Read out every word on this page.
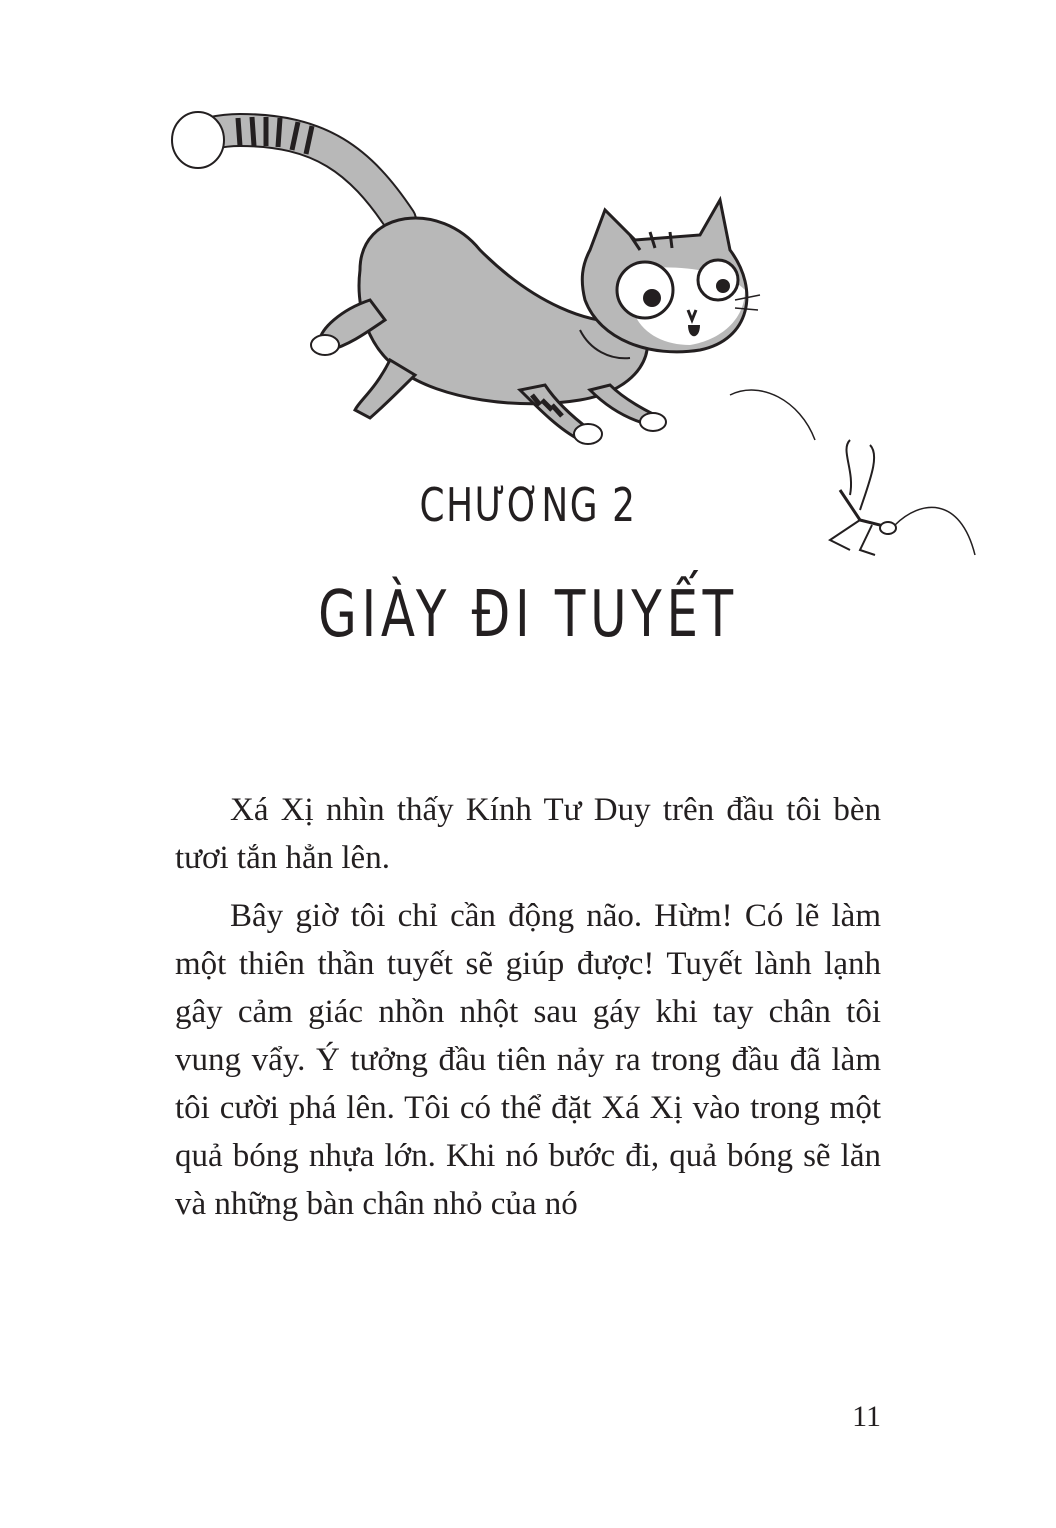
CHƯƠNG 2
GIÀY ĐI TUYẾT

Xá Xị nhìn thấy Kính Tư Duy trên đầu tôi bèn tươi tắn hẳn lên.

Bây giờ tôi chỉ cần động não. Hừm! Có lẽ làm một thiên thần tuyết sẽ giúp được! Tuyết lành lạnh gây cảm giác nhồn nhột sau gáy khi tay chân tôi vung vẩy. Ý tưởng đầu tiên nảy ra trong đầu đã làm tôi cười phá lên. Tôi có thể đặt Xá Xị vào trong một quả bóng nhựa lớn. Khi nó bước đi, quả bóng sẽ lăn và những bàn chân nhỏ của nó

11
